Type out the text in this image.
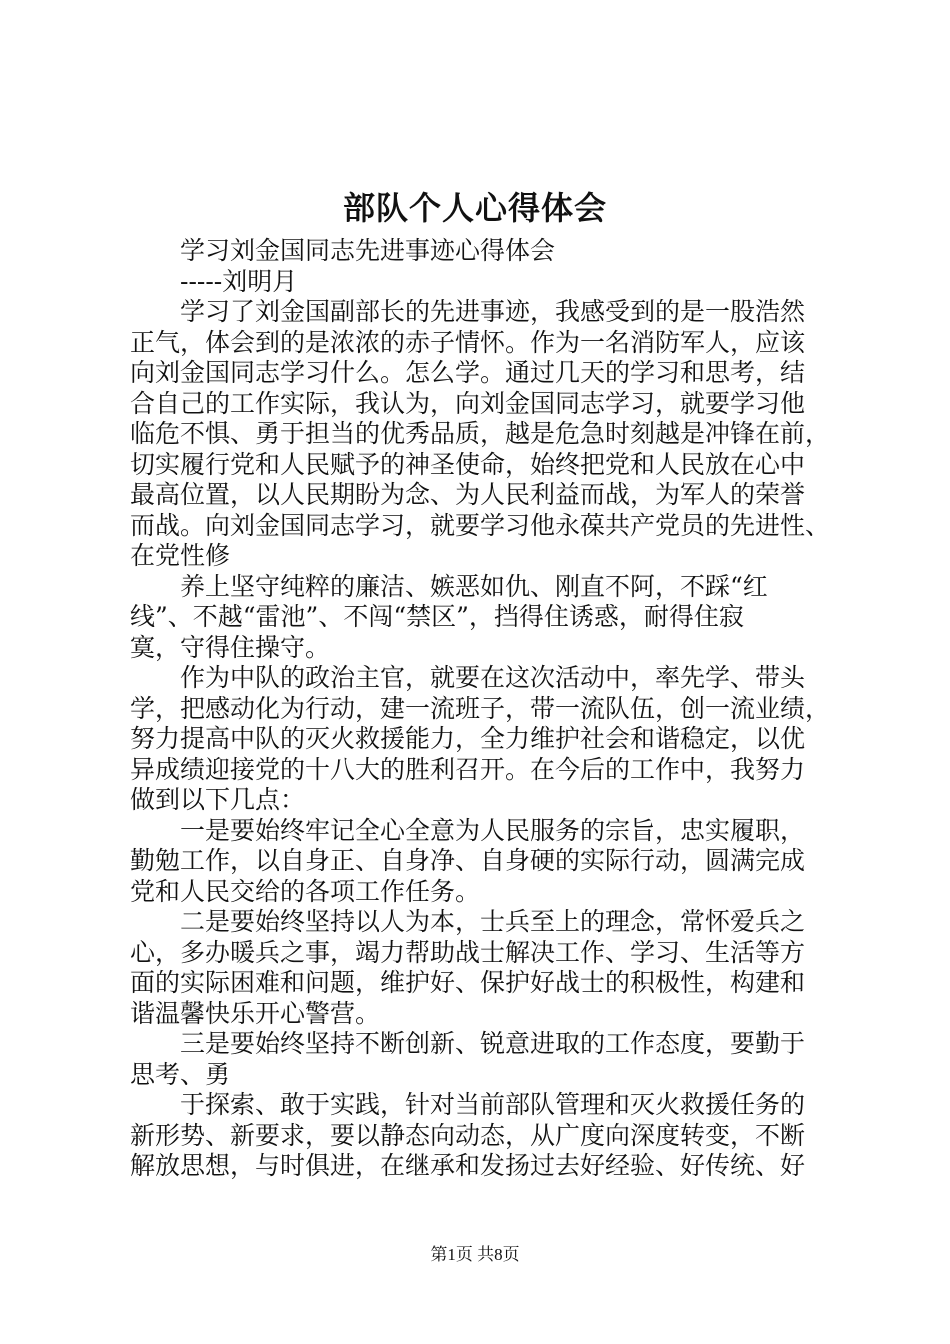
部队个人心得体会
　　学习刘金国同志先进事迹心得体会
　　-----刘明月
　　学习了刘金国副部长的先进事迹，我感受到的是一股浩然
正气，体会到的是浓浓的赤子情怀。作为一名消防军人，应该
向刘金国同志学习什么。怎么学。通过几天的学习和思考，结
合自己的工作实际，我认为，向刘金国同志学习，就要学习他
临危不惧、勇于担当的优秀品质，越是危急时刻越是冲锋在前，
切实履行党和人民赋予的神圣使命，始终把党和人民放在心中
最高位置，以人民期盼为念、为人民利益而战，为军人的荣誉
而战。向刘金国同志学习，就要学习他永葆共产党员的先进性、
在党性修
　　养上坚守纯粹的廉洁、嫉恶如仇、刚直不阿，不踩“红
线”、不越“雷池”、不闯“禁区”，挡得住诱惑，耐得住寂
寞，守得住操守。
　　作为中队的政治主官，就要在这次活动中，率先学、带头
学，把感动化为行动，建一流班子，带一流队伍，创一流业绩，
努力提高中队的灭火救援能力，全力维护社会和谐稳定，以优
异成绩迎接党的十八大的胜利召开。在今后的工作中，我努力
做到以下几点：
　　一是要始终牢记全心全意为人民服务的宗旨，忠实履职，
勤勉工作，以自身正、自身净、自身硬的实际行动，圆满完成
党和人民交给的各项工作任务。
　　二是要始终坚持以人为本，士兵至上的理念，常怀爱兵之
心，多办暖兵之事，竭力帮助战士解决工作、学习、生活等方
面的实际困难和问题，维护好、保护好战士的积极性，构建和
谐温馨快乐开心警营。
　　三是要始终坚持不断创新、锐意进取的工作态度，要勤于
思考、勇
　　于探索、敢于实践，针对当前部队管理和灭火救援任务的
新形势、新要求，要以静态向动态，从广度向深度转变，不断
解放思想，与时俱进，在继承和发扬过去好经验、好传统、好
第1页 共8页
